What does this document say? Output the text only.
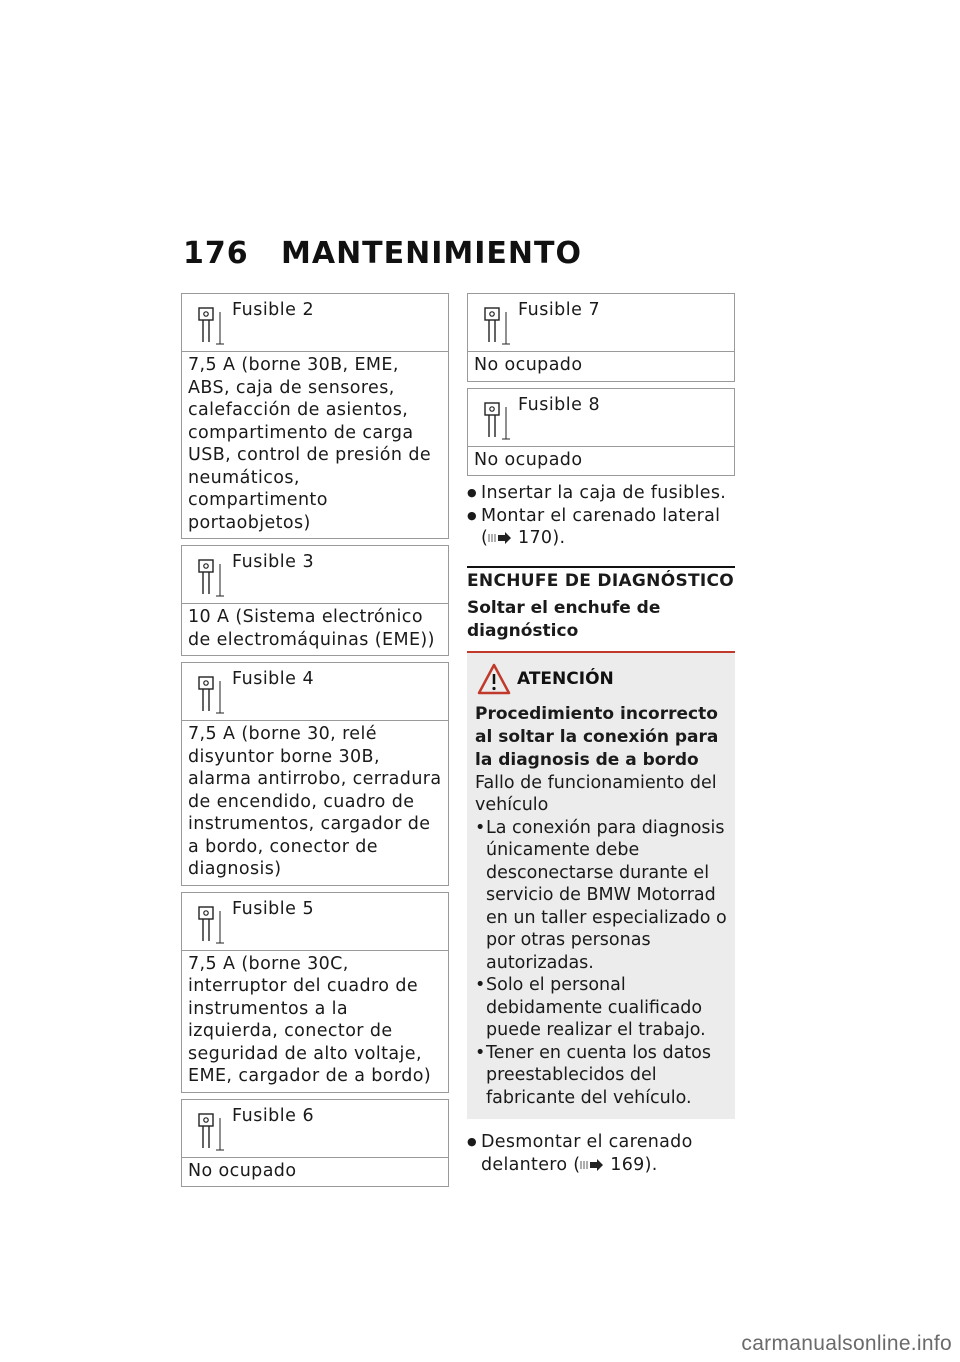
176 MANTENIMIENTO
Fusible 2
7,5 A (borne 30B, EME, ABS, caja de sensores, calefacción de asientos, compartimento de carga USB, control de presión de neumáticos, compartimento portaobjetos)
Fusible 3
10 A (Sistema electrónico de electromáquinas (EME))
Fusible 4
7,5 A (borne 30, relé disyuntor borne 30B, alarma antirrobo, cerradura de encendido, cuadro de instrumentos, cargador de a bordo, conector de diagnosis)
Fusible 5
7,5 A (borne 30C, interruptor del cuadro de instrumentos a la izquierda, conector de seguridad de alto voltaje, EME, cargador de a bordo)
Fusible 6
No ocupado
Fusible 7
No ocupado
Fusible 8
No ocupado
● Insertar la caja de fusibles.
● Montar el carenado lateral
( 170).
ENCHUFE DE DIAGNÓSTICO
Soltar el enchufe de diagnóstico
ATENCIÓN
Procedimiento incorrecto al soltar la conexión para la diagnosis de a bordo
Fallo de funcionamiento del vehículo
• La conexión para diagnosis únicamente debe desconectarse durante el servicio de BMW Motorrad en un taller especializado o por otras personas autorizadas.
• Solo el personal debidamente cualificado puede realizar el trabajo.
• Tener en cuenta los datos preestablecidos del fabricante del vehículo.
● Desmontar el carenado delantero ( 169).
carmanualsonline.info
